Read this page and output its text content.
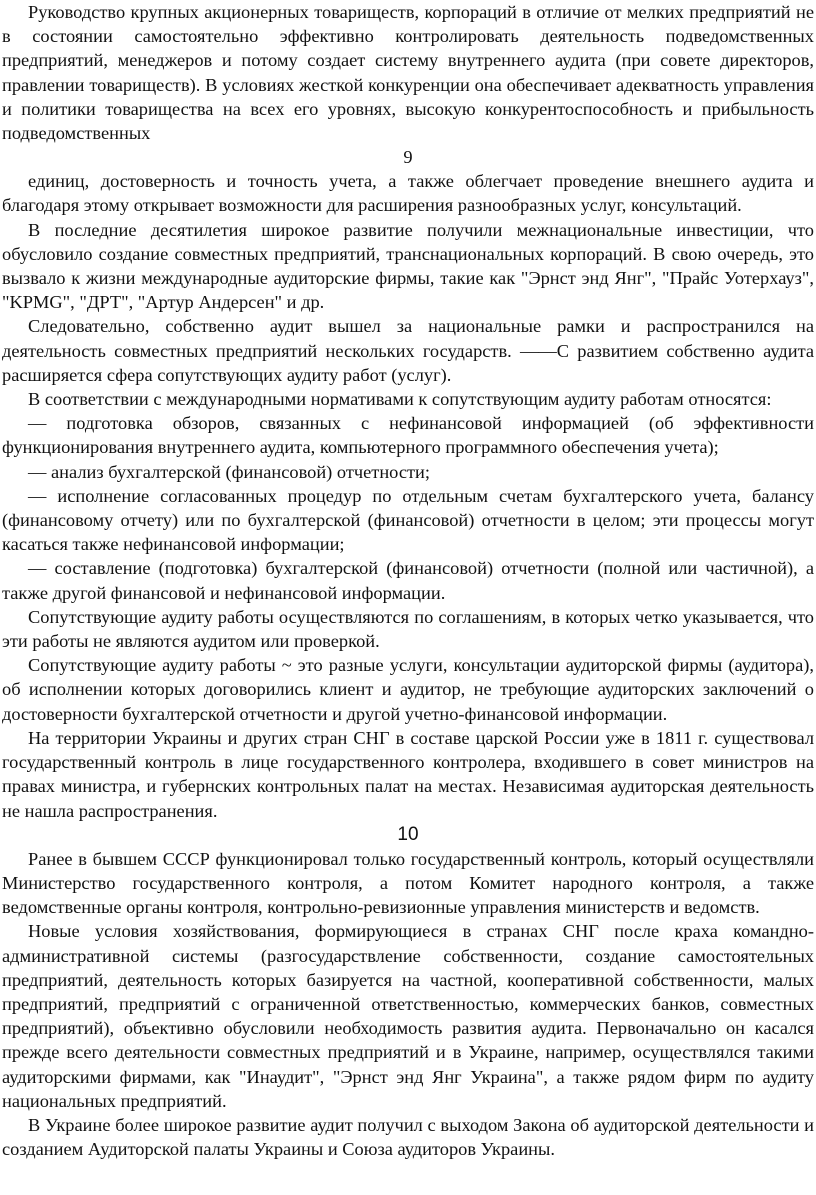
Руководство крупных акционерных товариществ, корпораций в отличие от мелких предприятий не в состоянии самостоятельно эффективно контролировать деятельность подведомственных предприятий, менеджеров и потому создает систему внутреннего аудита (при совете директоров, правлении товариществ). В условиях жесткой конкуренции она обеспечивает адекватность управления и политики товарищества на всех его уровнях, высокую конкурентоспособность и прибыльность подведомственных

9

единиц, достоверность и точность учета, а также облегчает проведение внешнего аудита и благодаря этому открывает возможности для расширения разнообразных услуг, консультаций.

В последние десятилетия широкое развитие получили межнациональные инвестиции, что обусловило создание совместных предприятий, транснациональных корпораций. В свою очередь, это вызвало к жизни международные аудиторские фирмы, такие как "Эрнст энд Янг", "Прайс Уотерхауз", "KPMG", "ДРТ", "Артур Андерсен" и др.

Следовательно, собственно аудит вышел за национальные рамки и распространился на деятельность совместных предприятий нескольких государств. ——С развитием собственно аудита расширяется сфера сопутствующих аудиту работ (услуг).

В соответствии с международными нормативами к сопутствующим аудиту работам относятся:

— подготовка обзоров, связанных с нефинансовой информацией (об эффективности функционирования внутреннего аудита, компьютерного программного обеспечения учета);

— анализ бухгалтерской (финансовой) отчетности;

— исполнение согласованных процедур по отдельным счетам бухгалтерского учета, балансу (финансовому отчету) или по бухгалтерской (финансовой) отчетности в целом; эти процессы могут касаться также нефинансовой информации;

— составление (подготовка) бухгалтерской (финансовой) отчетности (полной или частичной), а также другой финансовой и нефинансовой информации.

Сопутствующие аудиту работы осуществляются по соглашениям, в которых четко указывается, что эти работы не являются аудитом или проверкой.

Сопутствующие аудиту работы ~ это разные услуги, консультации аудиторской фирмы (аудитора), об исполнении которых договорились клиент и аудитор, не требующие аудиторских заключений о достоверности бухгалтерской отчетности и другой учетно-финансовой информации.

На территории Украины и других стран СНГ в составе царской России уже в 1811 г. существовал государственный контроль в лице государственного контролера, входившего в совет министров на правах министра, и губернских контрольных палат на местах. Независимая аудиторская деятельность не нашла распространения.

10

Ранее в бывшем СССР функционировал только государственный контроль, который осуществляли Министерство государственного контроля, а потом Комитет народного контроля, а также ведомственные органы контроля, контрольно-ревизионные управления министерств и ведомств.

Новые условия хозяйствования, формирующиеся в странах СНГ после краха командно-административной системы (разгосударствление собственности, создание самостоятельных предприятий, деятельность которых базируется на частной, кооперативной собственности, малых предприятий, предприятий с ограниченной ответственностью, коммерческих банков, совместных предприятий), объективно обусловили необходимость развития аудита. Первоначально он касался прежде всего деятельности совместных предприятий и в Украине, например, осуществлялся такими аудиторскими фирмами, как "Инаудит", "Эрнст энд Янг Украина", а также рядом фирм по аудиту национальных предприятий.

В Украине более широкое развитие аудит получил с выходом Закона об аудиторской деятельности и созданием Аудиторской палаты Украины и Союза аудиторов Украины.
